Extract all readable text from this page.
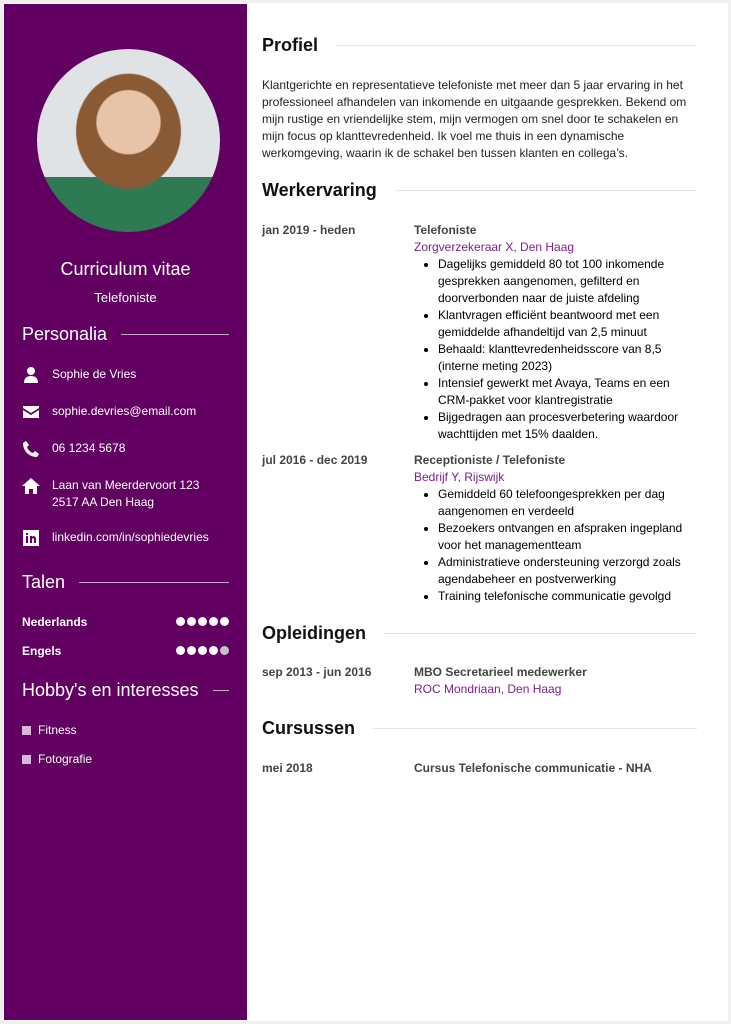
Curriculum vitae
Telefoniste
Personalia
Sophie de Vries
sophie.devries@email.com
06 1234 5678
Laan van Meerdervoort 123
2517 AA Den Haag
linkedin.com/in/sophiedevries
Talen
Nederlands
Engels
Hobby's en interesses
Fitness
Fotografie
Profiel
Klantgerichte en representatieve telefoniste met meer dan 5 jaar ervaring in het professioneel afhandelen van inkomende en uitgaande gesprekken. Bekend om mijn rustige en vriendelijke stem, mijn vermogen om snel door te schakelen en mijn focus op klanttevredenheid. Ik voel me thuis in een dynamische werkomgeving, waarin ik de schakel ben tussen klanten en collega’s.
Werkervaring
jan 2019 - heden	Telefoniste
Zorgverzekeraar X, Den Haag
• Dagelijks gemiddeld 80 tot 100 inkomende gesprekken aangenomen, gefilterd en doorverbonden naar de juiste afdeling
• Klantvragen efficiënt beantwoord met een gemiddelde afhandeltijd van 2,5 minuut
• Behaald: klanttevredenheidsscore van 8,5 (interne meting 2023)
• Intensief gewerkt met Avaya, Teams en een CRM-pakket voor klantregistratie
• Bijgedragen aan procesverbetering waardoor wachttijden met 15% daalden.
jul 2016 - dec 2019	Receptioniste / Telefoniste
Bedrijf Y, Rijswijk
• Gemiddeld 60 telefoongesprekken per dag aangenomen en verdeeld
• Bezoekers ontvangen en afspraken ingepland voor het managementteam
• Administratieve ondersteuning verzorgd zoals agendabeheer en postverwerking
• Training telefonische communicatie gevolgd
Opleidingen
sep 2013 - jun 2016	MBO Secretarieel medewerker
ROC Mondriaan, Den Haag
Cursussen
mei 2018	Cursus Telefonische communicatie - NHA
